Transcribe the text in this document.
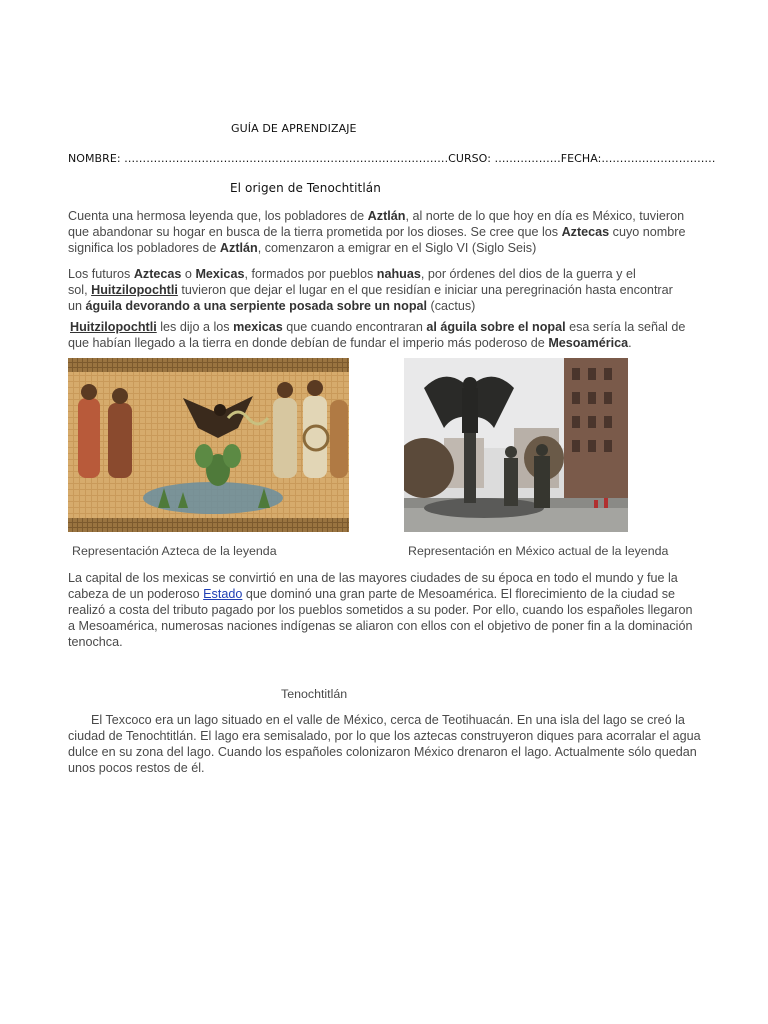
GUÍA DE APRENDIZAJE
NOMBRE: …………………………………………………………………………….CURSO: ………………FECHA:………………………….
El origen de Tenochtitlán
Cuenta una hermosa leyenda que, los pobladores de Aztlán, al norte de lo que hoy en día es México, tuvieron
que abandonar su hogar en busca de la tierra prometida por los dioses. Se cree que los Aztecas cuyo nombre
significa los pobladores de Aztlán, comenzaron a emigrar en el Siglo VI (Siglo Seis)
Los futuros Aztecas o Mexicas, formados por pueblos nahuas, por órdenes del dios de la guerra y el
sol, Huitzilopochtli tuvieron que dejar el lugar en el que residían e iniciar una peregrinación hasta encontrar
un águila devorando a una serpiente posada sobre un nopal (cactus)
Huitzilopochtli les dijo a los mexicas que cuando encontraran al águila sobre el nopal esa sería la señal de
que habían llegado a la tierra en donde debían de fundar el imperio más poderoso de Mesoamérica.
Representación Azteca de la leyenda	Representación en México actual de la leyenda
La capital de los mexicas se convirtió en una de las mayores ciudades de su época en todo el mundo y fue la
cabeza de un poderoso Estado que dominó una gran parte de Mesoamérica. El florecimiento de la ciudad se
realizó a costa del tributo pagado por los pueblos sometidos a su poder. Por ello, cuando los españoles llegaron
a Mesoamérica, numerosas naciones indígenas se aliaron con ellos con el objetivo de poner fin a la dominación
tenochca.
Tenochtitlán
El Texcoco era un lago situado en el valle de México, cerca de Teotihuacán. En una isla del lago se creó la
ciudad de Tenochtitlán. El lago era semisalado, por lo que los aztecas construyeron diques para acorralar el agua
dulce en su zona del lago. Cuando los españoles colonizaron México drenaron el lago. Actualmente sólo quedan
unos pocos restos de él.
